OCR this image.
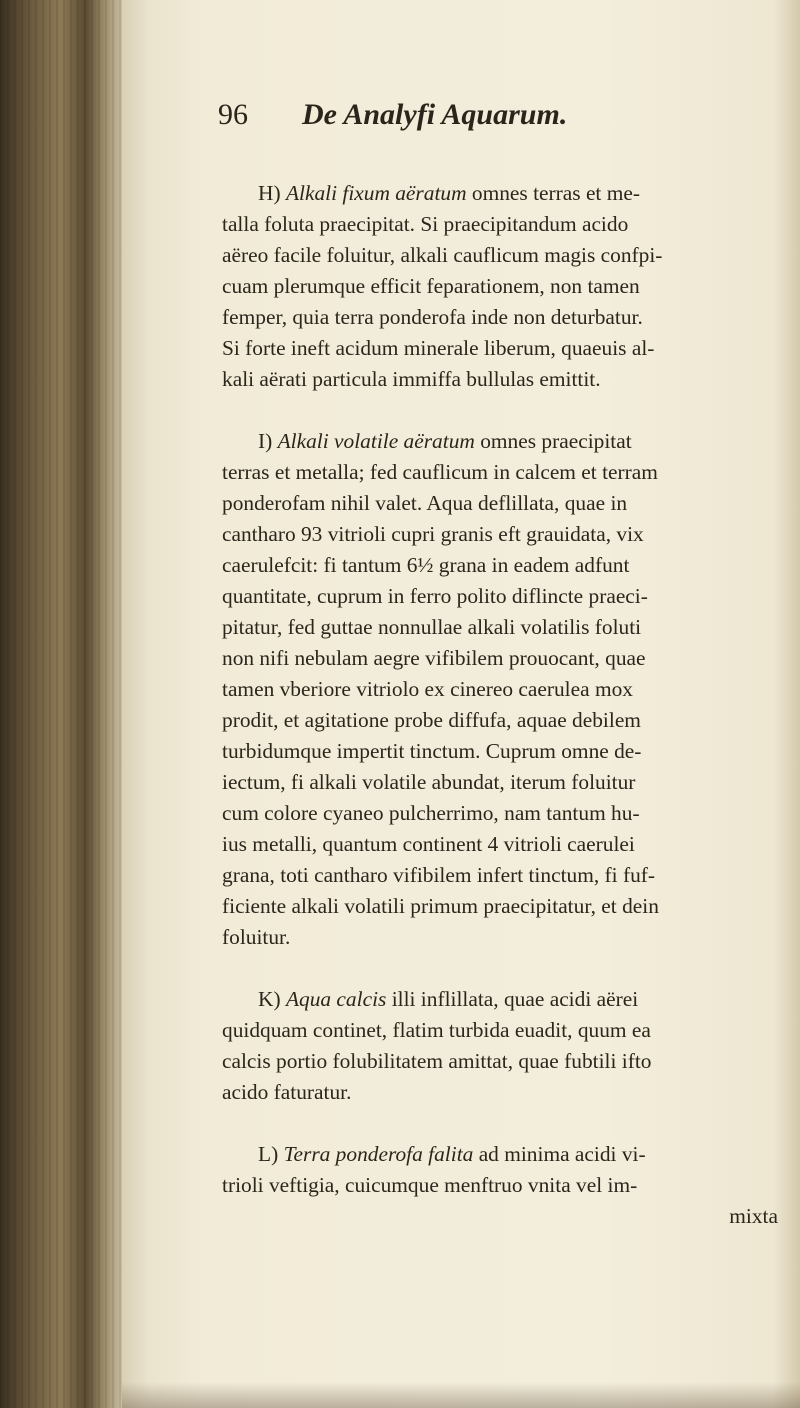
96 De Analyfi Aquarum.
H) Alkali fixum aëratum omnes terras et me-
talla foluta praecipitat. Si praecipitandum acido
aëreo facile foluitur, alkali cauflicum magis confpi-
cuam plerumque efficit feparationem, non tamen
femper, quia terra ponderofa inde non deturbatur.
Si forte ineft acidum minerale liberum, quaeuis al-
kali aërati particula immiffa bullulas emittit.
I) Alkali volatile aëratum omnes praecipitat
terras et metalla; fed cauflicum in calcem et terram
ponderofam nihil valet. Aqua deflillata, quae in
cantharo 93 vitrioli cupri granis eft grauidata, vix
caerulefcit: fi tantum 6½ grana in eadem adfunt
quantitate, cuprum in ferro polito diflincte praeci-
pitatur, fed guttae nonnullae alkali volatilis foluti
non nifi nebulam aegre vifibilem prouocant, quae
tamen vberiore vitriolo ex cinereo caerulea mox
prodit, et agitatione probe diffufa, aquae debilem
turbidumque impertit tinctum. Cuprum omne de-
iectum, fi alkali volatile abundat, iterum foluitur
cum colore cyaneo pulcherrimo, nam tantum hu-
ius metalli, quantum continent 4 vitrioli caerulei
grana, toti cantharo vifibilem infert tinctum, fi fuf-
ficiente alkali volatili primum praecipitatur, et dein
foluitur.
K) Aqua calcis illi inflillata, quae acidi aërei
quidquam continet, flatim turbida euadit, quum ea
calcis portio folubilitatem amittat, quae fubtili ifto
acido faturatur.
L) Terra ponderofa falita ad minima acidi vi-
trioli veftigia, cuicumque menftruo vnita vel im-
mixta
